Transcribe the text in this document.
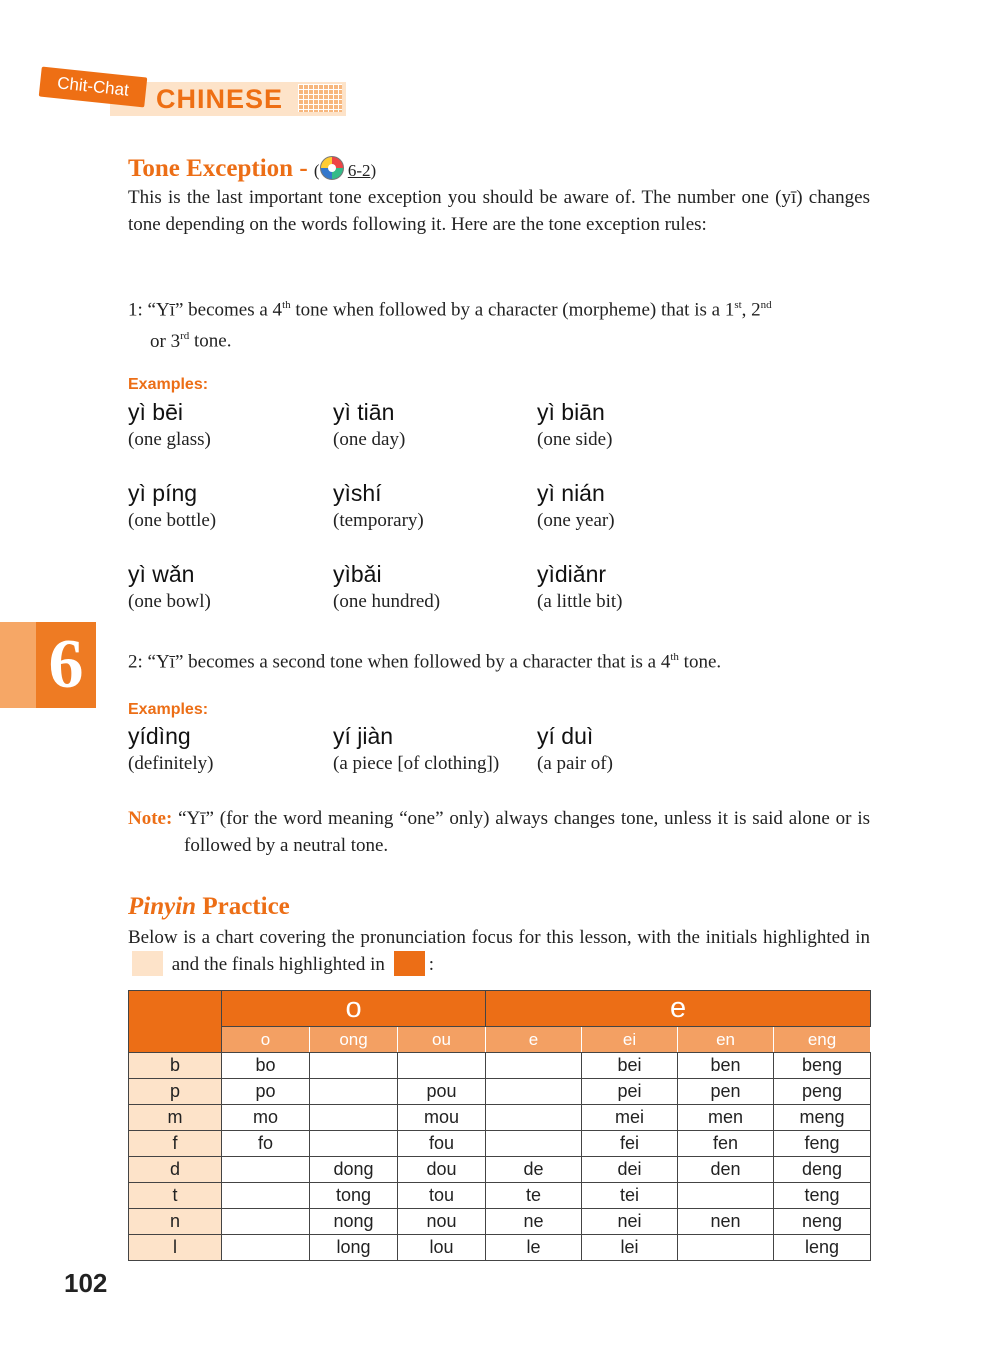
Chit-Chat CHINESE
Tone Exception - ( 6-2)

This is the last important tone exception you should be aware of. The number one (yī) changes tone depending on the words following it. Here are the tone exception rules:

1: “Yī” becomes a 4th tone when followed by a character (morpheme) that is a 1st, 2nd
or 3rd tone.

Examples:
yì bēi
(one glass)
yì tiān
(one day)
yì biān
(one side)
yì píng
(one bottle)
yìshí
(temporary)
yì nián
(one year)
yì wǎn
(one bowl)
yìbǎi
(one hundred)
yìdiǎnr
(a little bit)
6	2: “Yī” becomes a second tone when followed by a character that is a 4th tone.

Examples:
yídìng
(definitely)
yí jiàn
(a piece [of clothing])
yí duì
(a pair of)

Note: “Yī” (for the word meaning “one” only) always changes tone, unless it is said alone or is followed by a neutral tone.

Pinyin Practice

Below is a chart covering the pronunciation focus for this lesson, with the initials highlighted in  and the finals highlighted in :

	o			e			
	o	ong	ou	e	ei	en	eng
b	bo				bei	ben	beng
p	po		pou		pei	pen	peng
m	mo		mou		mei	men	meng
f	fo		fou		fei	fen	feng
d		dong	dou	de	dei	den	deng
t		tong	tou	te	tei		teng
n		nong	nou	ne	nei	nen	neng
l		long	lou	le	lei		leng
102
